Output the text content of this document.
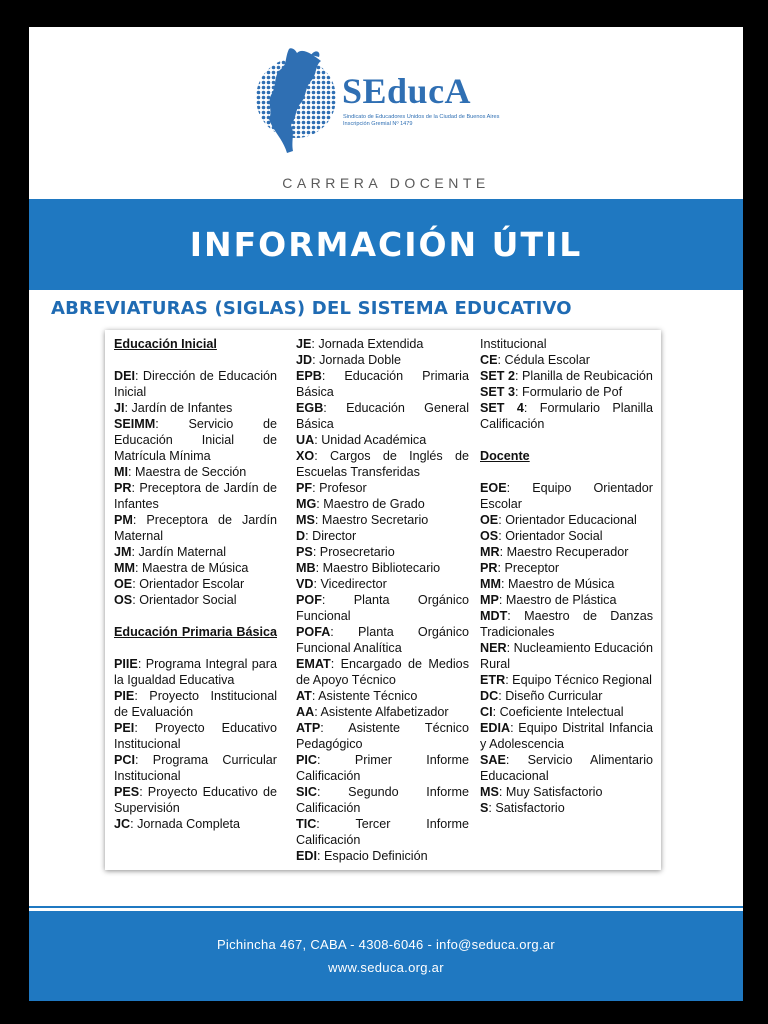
SEducA
Sindicato de Educadores Unidos de la Ciudad de Buenos Aires
Inscripción Gremial Nº 1479
CARRERA DOCENTE
INFORMACIÓN ÚTIL
ABREVIATURAS (SIGLAS) DEL SISTEMA EDUCATIVO

Educación Inicial

DEI: Dirección de Educación Inicial

JI: Jardín de Infantes

SEIMM: Servicio de Educación Inicial de Matrícula Mínima

MI: Maestra de Sección

PR: Preceptora de Jardín de Infantes

PM: Preceptora de Jardín Maternal

JM: Jardín Maternal

MM: Maestra de Música

OE: Orientador Escolar

OS: Orientador Social

Educación Primaria Básica

PIIE: Programa Integral para la Igualdad Educativa

PIE: Proyecto Institucional de Evaluación

PEI: Proyecto Educativo Institucional

PCI: Programa Curricular Institucional

PES: Proyecto Educativo de Supervisión

JC: Jornada Completa

JE: Jornada Extendida

JD: Jornada Doble

EPB: Educación Primaria Básica

EGB: Educación General Básica

UA: Unidad Académica

XO: Cargos de Inglés de Escuelas Transferidas

PF: Profesor

MG: Maestro de Grado

MS: Maestro Secretario

D: Director

PS: Prosecretario

MB: Maestro Bibliotecario

VD: Vicedirector

POF: Planta Orgánico Funcional

POFA: Planta Orgánico Funcional Analítica

EMAT: Encargado de Medios de Apoyo Técnico

AT: Asistente Técnico

AA: Asistente Alfabetizador

ATP: Asistente Técnico Pedagógico

PIC: Primer Informe Calificación

SIC: Segundo Informe Calificación

TIC: Tercer Informe Calificación

EDI: Espacio Definición

Institucional

CE: Cédula Escolar

SET 2: Planilla de Reubicación

SET 3: Formulario de Pof

SET 4: Formulario Planilla Calificación

Docente

EOE: Equipo Orientador Escolar

OE: Orientador Educacional

OS: Orientador Social

MR: Maestro Recuperador

PR: Preceptor

MM: Maestro de Música

MP: Maestro de Plástica

MDT: Maestro de Danzas Tradicionales

NER: Nucleamiento Educación Rural

ETR: Equipo Técnico Regional

DC: Diseño Curricular

CI: Coeficiente Intelectual

EDIA: Equipo Distrital Infancia y Adolescencia

SAE: Servicio Alimentario Educacional

MS: Muy Satisfactorio

S: Satisfactorio

Pichincha 467, CABA - 4308-6046 - info@seduca.org.ar
www.seduca.org.ar
